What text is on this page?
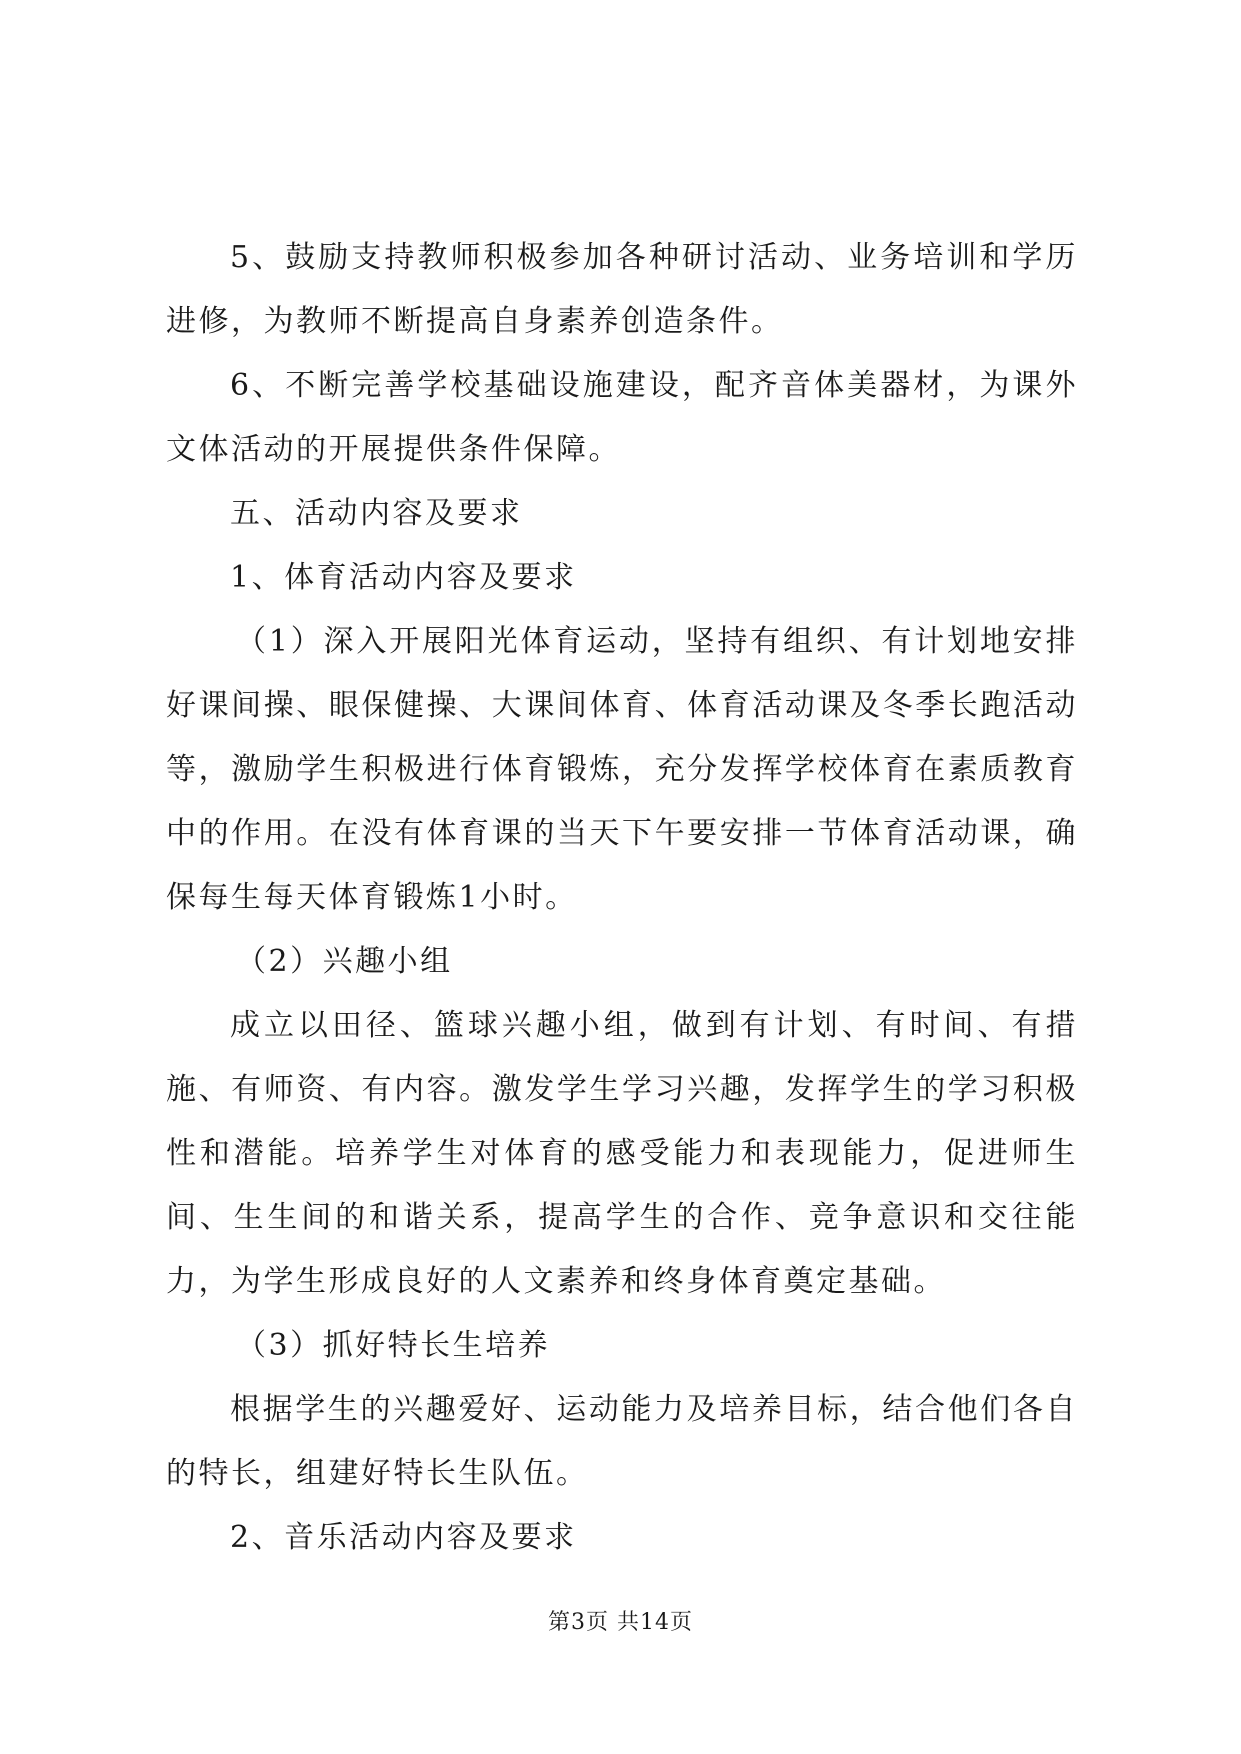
5、鼓励支持教师积极参加各种研讨活动、业务培训和学历进修，为教师不断提高自身素养创造条件。

6、不断完善学校基础设施建设，配齐音体美器材，为课外文体活动的开展提供条件保障。

五、活动内容及要求

1、体育活动内容及要求

（1）深入开展阳光体育运动，坚持有组织、有计划地安排好课间操、眼保健操、大课间体育、体育活动课及冬季长跑活动等，激励学生积极进行体育锻炼，充分发挥学校体育在素质教育中的作用。在没有体育课的当天下午要安排一节体育活动课，确保每生每天体育锻炼1小时。

（2）兴趣小组

成立以田径、篮球兴趣小组，做到有计划、有时间、有措施、有师资、有内容。激发学生学习兴趣，发挥学生的学习积极性和潜能。培养学生对体育的感受能力和表现能力，促进师生间、生生间的和谐关系，提高学生的合作、竞争意识和交往能力，为学生形成良好的人文素养和终身体育奠定基础。

（3）抓好特长生培养

根据学生的兴趣爱好、运动能力及培养目标，结合他们各自的特长，组建好特长生队伍。

2、音乐活动内容及要求

第3页 共14页
